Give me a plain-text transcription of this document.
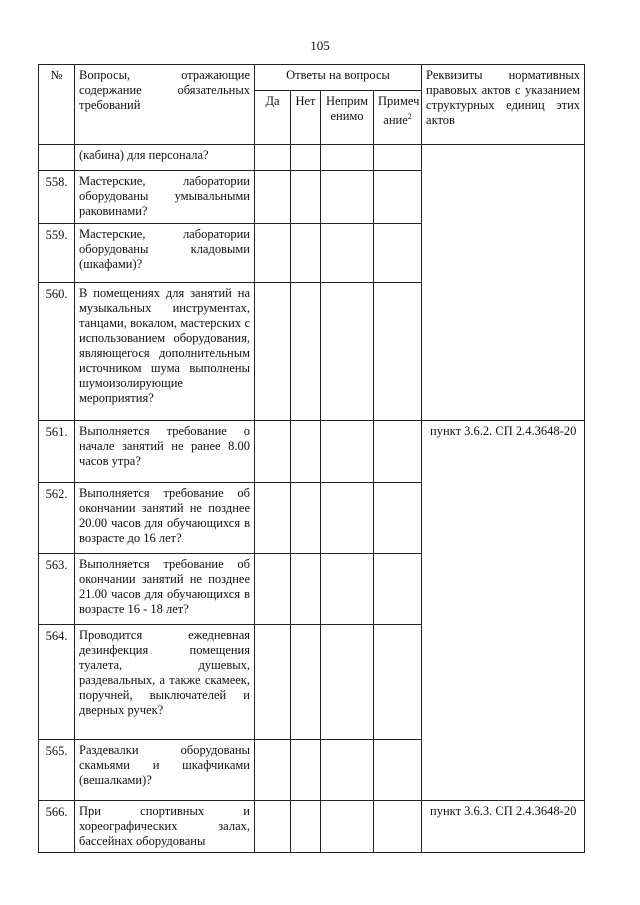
105
№	Вопросы, отражающие содержание обязательных требований	Ответы на вопросы				Реквизиты нормативных правовых актов с указанием структурных единиц этих актов
		Да	Нет	Неприм енимо	Примеч ание$^2$
	(кабина) для персонала?					
558.	Мастерские, лаборатории оборудованы умывальными раковинами?					
559.	Мастерские, лаборатории оборудованы кладовыми (шкафами)?					
560.	В помещениях для занятий на музыкальных инструментах, танцами, вокалом, мастерских с использованием оборудования, являющегося дополнительным источником шума выполнены шумоизолирующие мероприятия?					
561.	Выполняется требование о начале занятий не ранее 8.00 часов утра?					пункт 3.6.2. СП 2.4.3648-20
562.	Выполняется требование об окончании занятий не позднее 20.00 часов для обучающихся в возрасте до 16 лет?					
563.	Выполняется требование об окончании занятий не позднее 21.00 часов для обучающихся в возрасте 16 - 18 лет?					
564.	Проводится ежедневная дезинфекция помещения туалета, душевых, раздевальных, а также скамеек, поручней, выключателей и дверных ручек?					
565.	Раздевалки оборудованы скамьями и шкафчиками (вешалками)?					
566.	При спортивных и хореографических залах, бассейнах оборудованы					пункт 3.6.3. СП 2.4.3648-20
